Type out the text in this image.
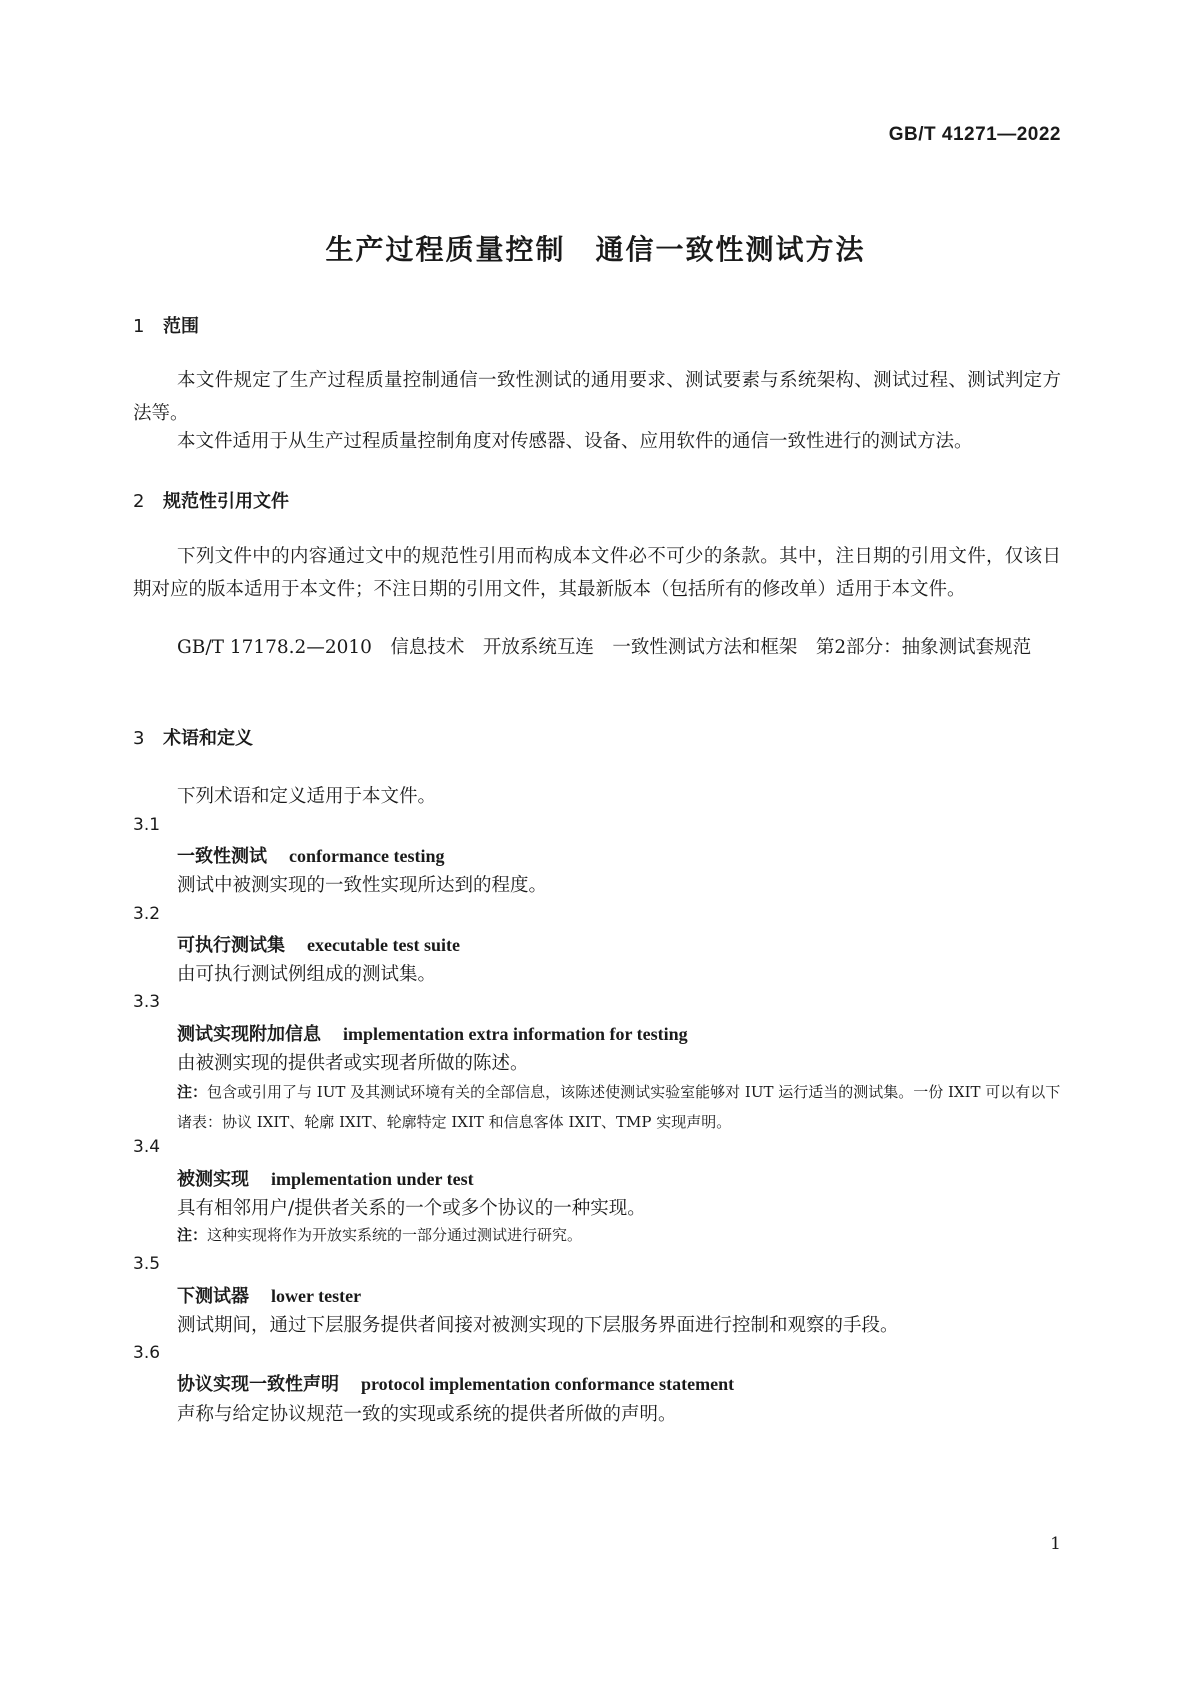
GB/T 41271—2022
生产过程质量控制　通信一致性测试方法
1 范围
本文件规定了生产过程质量控制通信一致性测试的通用要求、测试要素与系统架构、测试过程、测试判定方法等。
本文件适用于从生产过程质量控制角度对传感器、设备、应用软件的通信一致性进行的测试方法。
2 规范性引用文件
下列文件中的内容通过文中的规范性引用而构成本文件必不可少的条款。其中，注日期的引用文件，仅该日期对应的版本适用于本文件；不注日期的引用文件，其最新版本（包括所有的修改单）适用于本文件。
GB/T 17178.2—2010　信息技术　开放系统互连　一致性测试方法和框架　第2部分：抽象测试套规范
3 术语和定义
下列术语和定义适用于本文件。
3.1
一致性测试 conformance testing
测试中被测实现的一致性实现所达到的程度。
3.2
可执行测试集 executable test suite
由可执行测试例组成的测试集。
3.3
测试实现附加信息 implementation extra information for testing
由被测实现的提供者或实现者所做的陈述。
注：包含或引用了与 IUT 及其测试环境有关的全部信息，该陈述使测试实验室能够对 IUT 运行适当的测试集。一份 IXIT 可以有以下诸表：协议 IXIT、轮廓 IXIT、轮廓特定 IXIT 和信息客体 IXIT、TMP 实现声明。
3.4
被测实现 implementation under test
具有相邻用户/提供者关系的一个或多个协议的一种实现。
注：这种实现将作为开放实系统的一部分通过测试进行研究。
3.5
下测试器 lower tester
测试期间，通过下层服务提供者间接对被测实现的下层服务界面进行控制和观察的手段。
3.6
协议实现一致性声明 protocol implementation conformance statement
声称与给定协议规范一致的实现或系统的提供者所做的声明。
1
